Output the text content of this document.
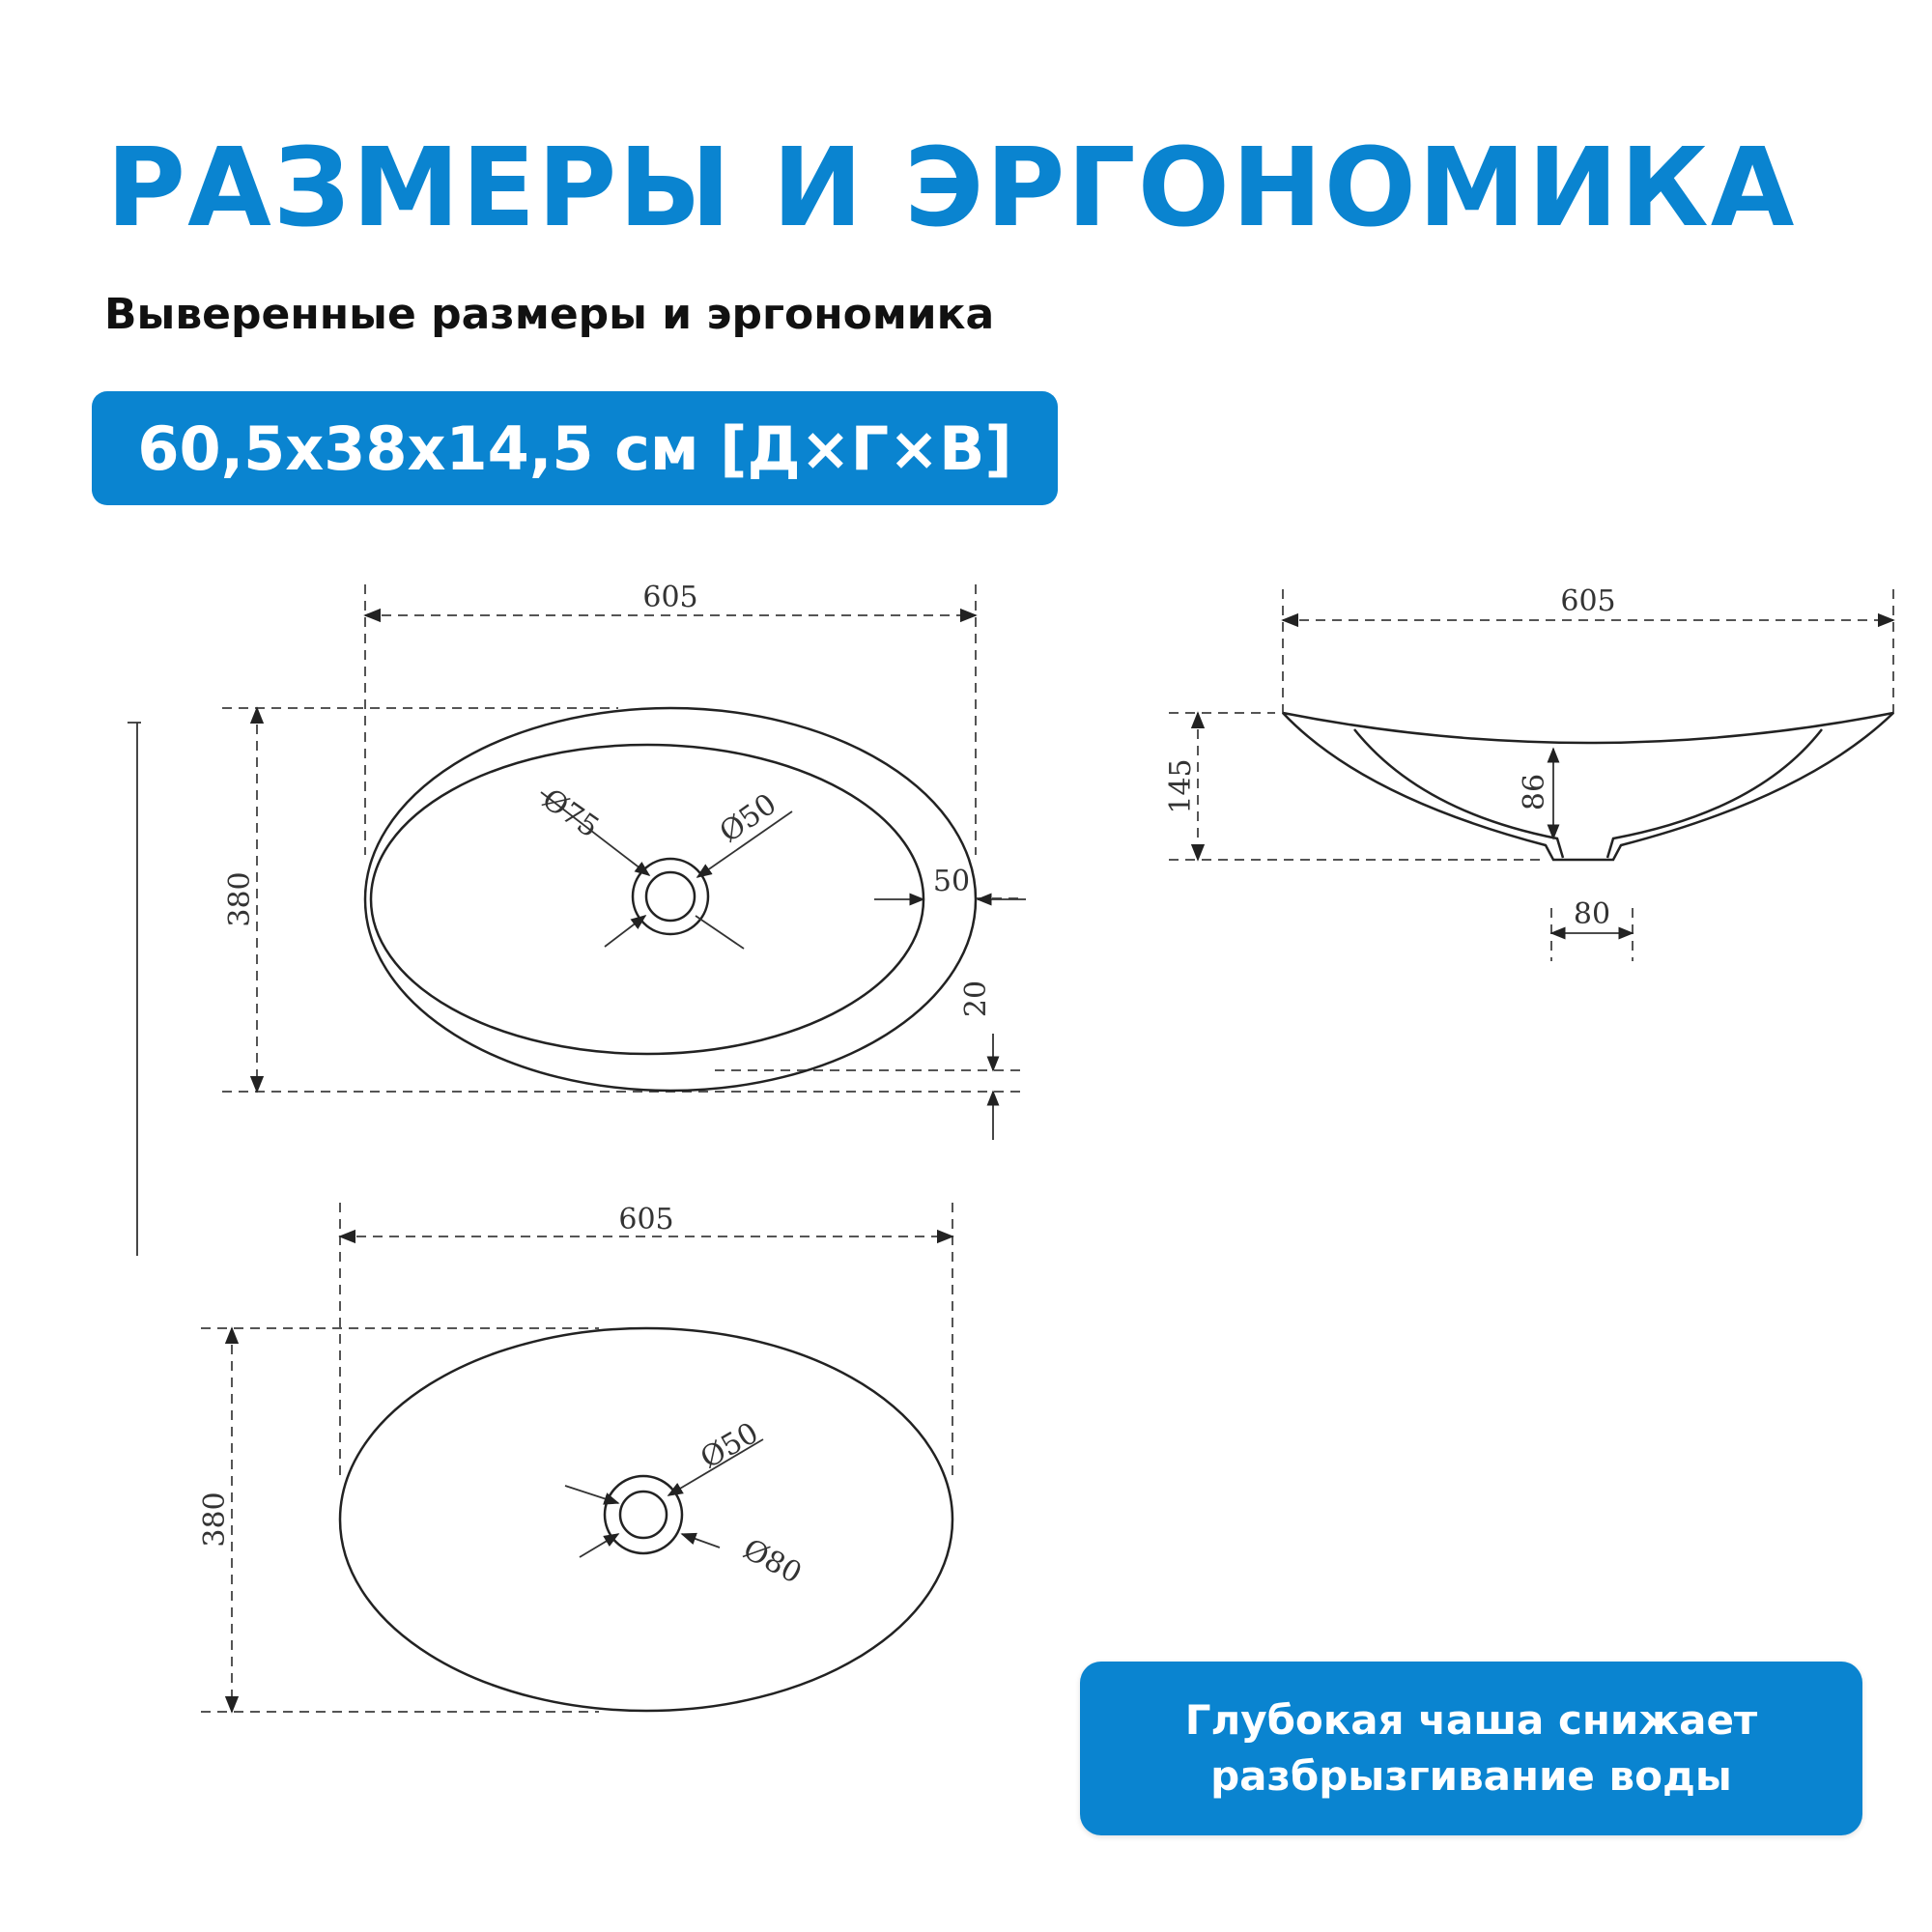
РАЗМЕРЫ И ЭРГОНОМИКА

Выверенные размеры и эргономика

60,5x38x14,5 см [Д×Г×В]
605
380
Ø75	Ø50
50
20
605
145	86
80
605
380
Ø50
Ø80
Глубокая чаша снижает
разбрызгивание воды
